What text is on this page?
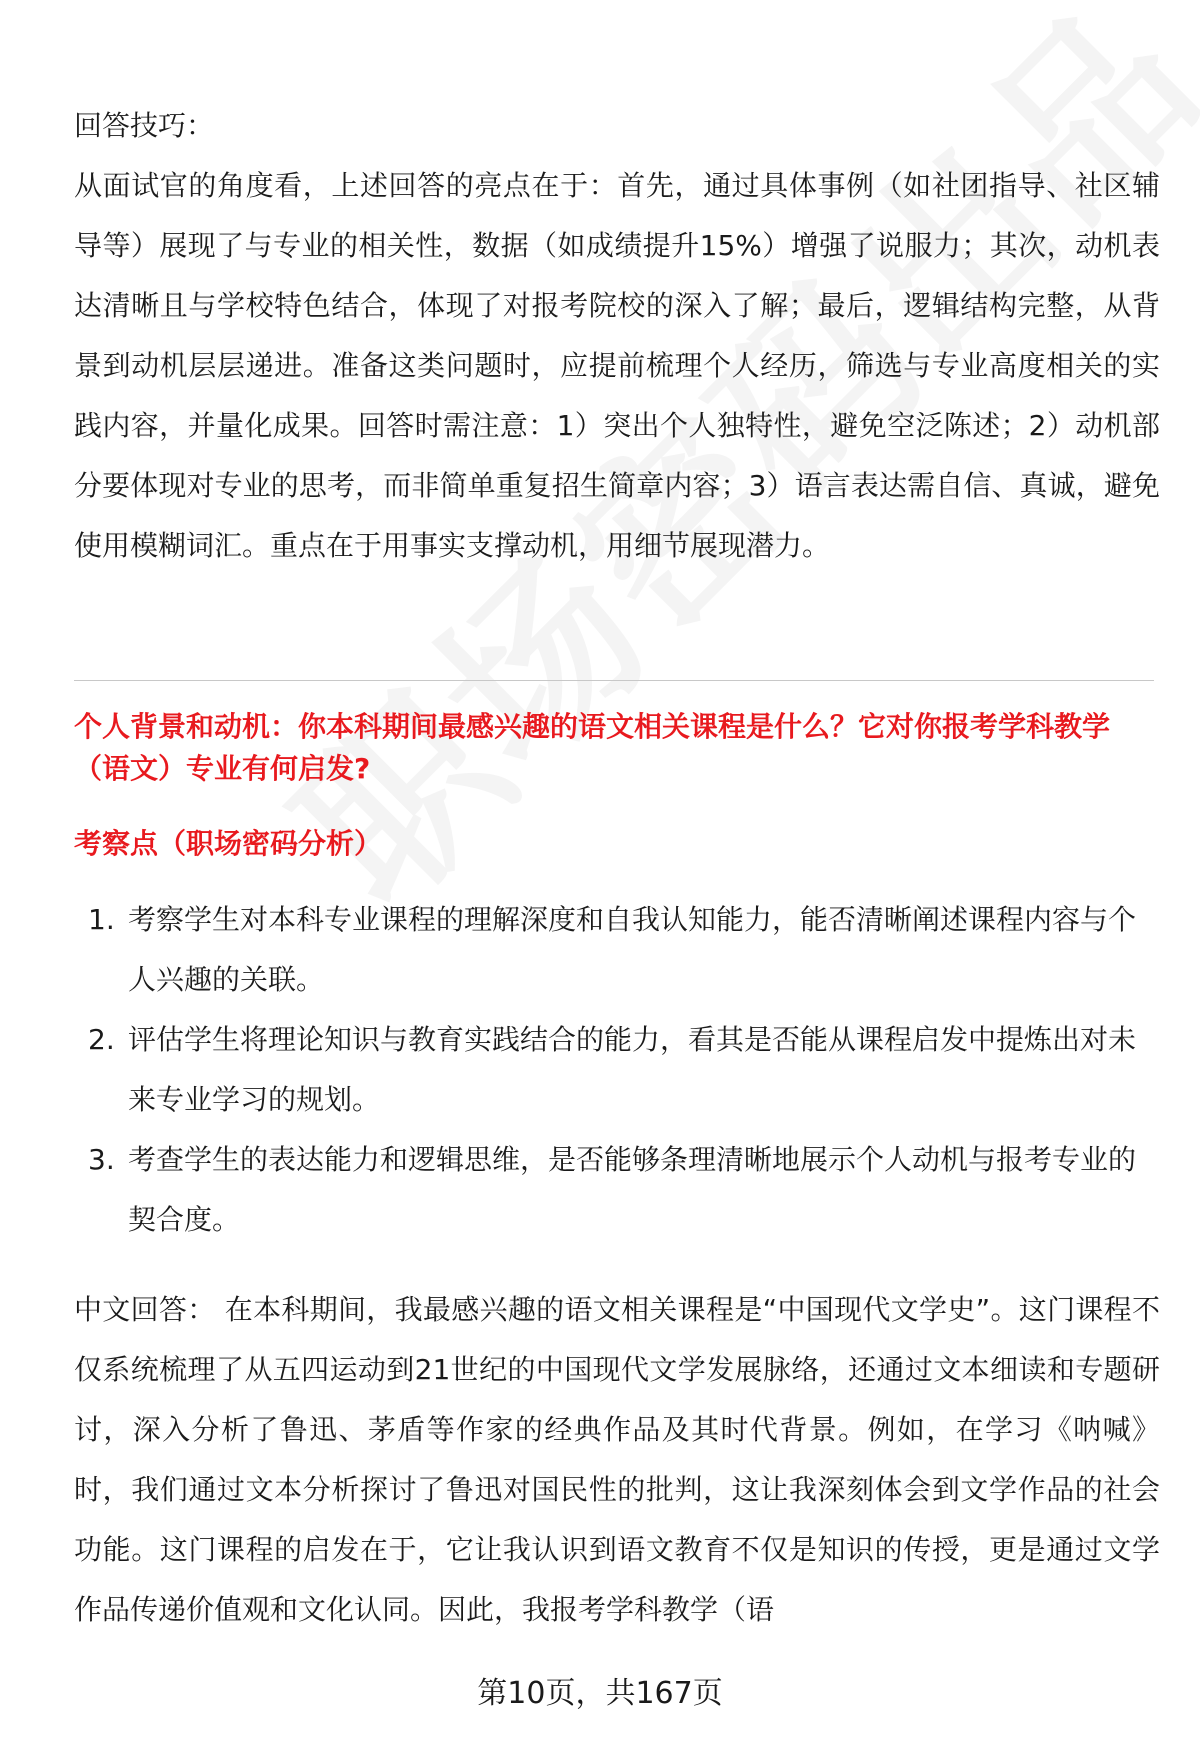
回答技巧：
从面试官的角度看，上述回答的亮点在于：首先，通过具体事例（如社团指导、社区辅导等）展现了与专业的相关性，数据（如成绩提升15%）增强了说服力；其次，动机表达清晰且与学校特色结合，体现了对报考院校的深入了解；最后，逻辑结构完整，从背景到动机层层递进。准备这类问题时，应提前梳理个人经历，筛选与专业高度相关的实践内容，并量化成果。回答时需注意：1）突出个人独特性，避免空泛陈述；2）动机部分要体现对专业的思考，而非简单重复招生简章内容；3）语言表达需自信、真诚，避免使用模糊词汇。重点在于用事实支撑动机，用细节展现潜力。
个人背景和动机：你本科期间最感兴趣的语文相关课程是什么？它对你报考学科教学（语文）专业有何启发?
考察点（职场密码分析）
1. 考察学生对本科专业课程的理解深度和自我认知能力，能否清晰阐述课程内容与个人兴趣的关联。
2. 评估学生将理论知识与教育实践结合的能力，看其是否能从课程启发中提炼出对未来专业学习的规划。
3. 考查学生的表达能力和逻辑思维，是否能够条理清晰地展示个人动机与报考专业的契合度。
中文回答： 在本科期间，我最感兴趣的语文相关课程是“中国现代文学史”。这门课程不仅系统梳理了从五四运动到21世纪的中国现代文学发展脉络，还通过文本细读和专题研讨，深入分析了鲁迅、茅盾等作家的经典作品及其时代背景。例如，在学习《呐喊》时，我们通过文本分析探讨了鲁迅对国民性的批判，这让我深刻体会到文学作品的社会功能。这门课程的启发在于，它让我认识到语文教育不仅是知识的传授，更是通过文学作品传递价值观和文化认同。因此，我报考学科教学（语
第10页，共167页
